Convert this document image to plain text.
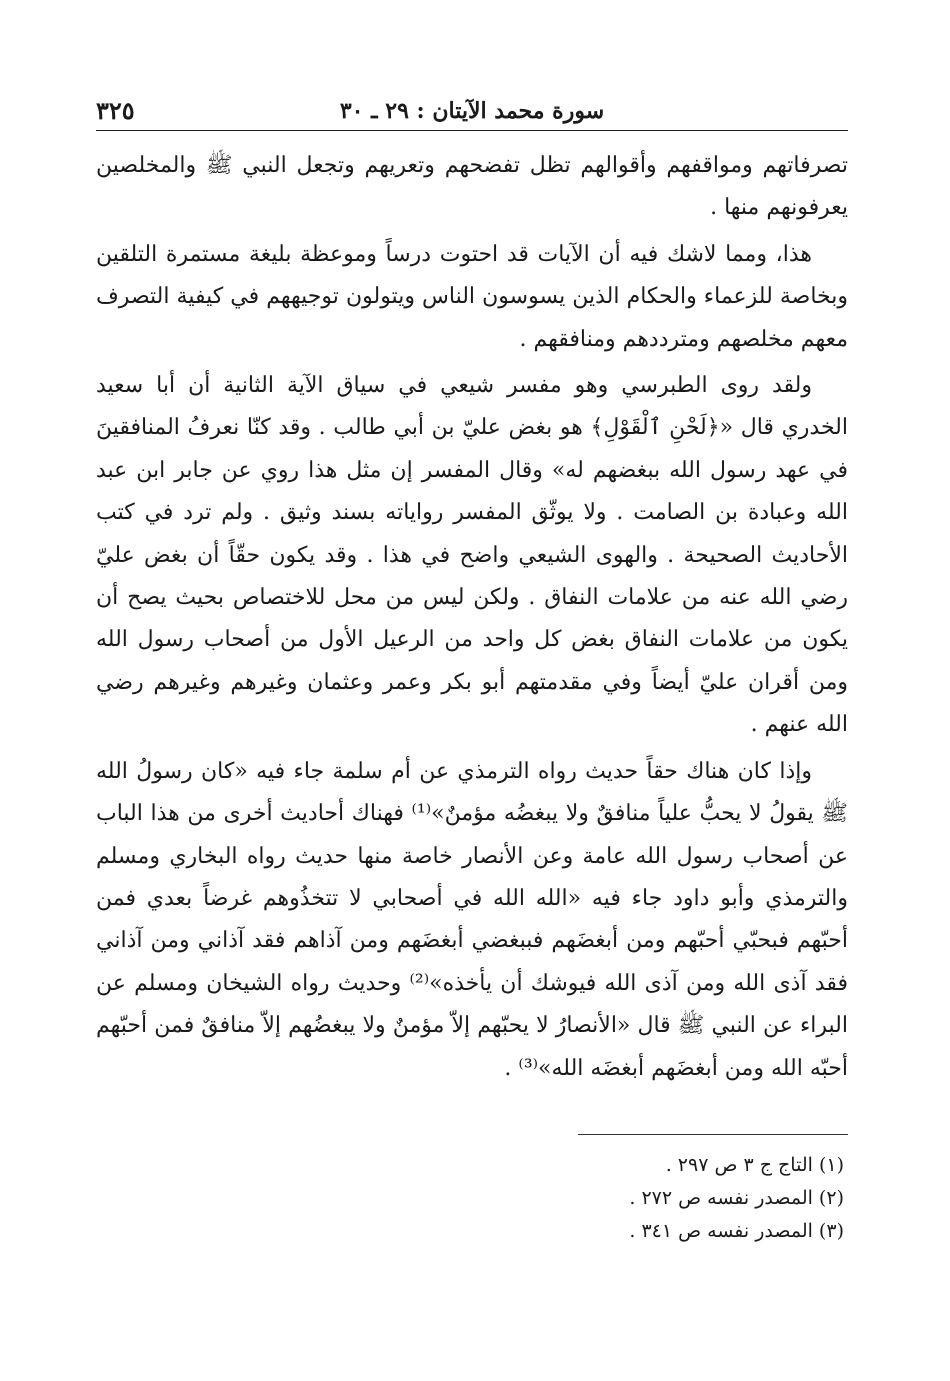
سورة محمد الآيتان : ٢٩ ـ ٣٠
٣٢٥

تصرفاتهم ومواقفهم وأقوالهم تظل تفضحهم وتعريهم وتجعل النبي ﷺ والمخلصين يعرفونهم منها .

هذا، ومما لاشك فيه أن الآيات قد احتوت درساً وموعظة بليغة مستمرة التلقين وبخاصة للزعماء والحكام الذين يسوسون الناس ويتولون توجيههم في كيفية التصرف معهم مخلصهم ومترددهم ومنافقهم .

ولقد روى الطبرسي وهو مفسر شيعي في سياق الآية الثانية أن أبا سعيد الخدري قال «﴿لَحْنِ ٱلْقَوْلِ﴾ هو بغض عليّ بن أبي طالب . وقد كنّا نعرفُ المنافقينَ في عهد رسول الله ببغضهم له» وقال المفسر إن مثل هذا روي عن جابر ابن عبد الله وعبادة بن الصامت . ولا يوثّق المفسر رواياته بسند وثيق . ولم ترد في كتب الأحاديث الصحيحة . والهوى الشيعي واضح في هذا . وقد يكون حقّاً أن بغض عليّ رضي الله عنه من علامات النفاق . ولكن ليس من محل للاختصاص بحيث يصح أن يكون من علامات النفاق بغض كل واحد من الرعيل الأول من أصحاب رسول الله ومن أقران عليّ أيضاً وفي مقدمتهم أبو بكر وعمر وعثمان وغيرهم وغيرهم رضي الله عنهم .

وإذا كان هناك حقاً حديث رواه الترمذي عن أم سلمة جاء فيه «كان رسولُ الله ﷺ يقولُ لا يحبُّ علياً منافقٌ ولا يبغضُه مؤمنٌ»⁽¹⁾ فهناك أحاديث أخرى من هذا الباب عن أصحاب رسول الله عامة وعن الأنصار خاصة منها حديث رواه البخاري ومسلم والترمذي وأبو داود جاء فيه «الله الله في أصحابي لا تتخذُوهم غرضاً بعدي فمن أحبّهم فبحبّي أحبّهم ومن أبغضَهم فببغضي أبغضَهم ومن آذاهم فقد آذاني ومن آذاني فقد آذى الله ومن آذى الله فيوشك أن يأخذه»⁽²⁾ وحديث رواه الشيخان ومسلم عن البراء عن النبي ﷺ قال «الأنصارُ لا يحبّهم إلاّ مؤمنٌ ولا يبغضُهم إلاّ منافقٌ فمن أحبّهم أحبّه الله ومن أبغضَهم أبغضَه الله»⁽³⁾ .

(١) التاج ج ٣ ص ٢٩٧ .

(٢) المصدر نفسه ص ٢٧٢ .

(٣) المصدر نفسه ص ٣٤١ .
